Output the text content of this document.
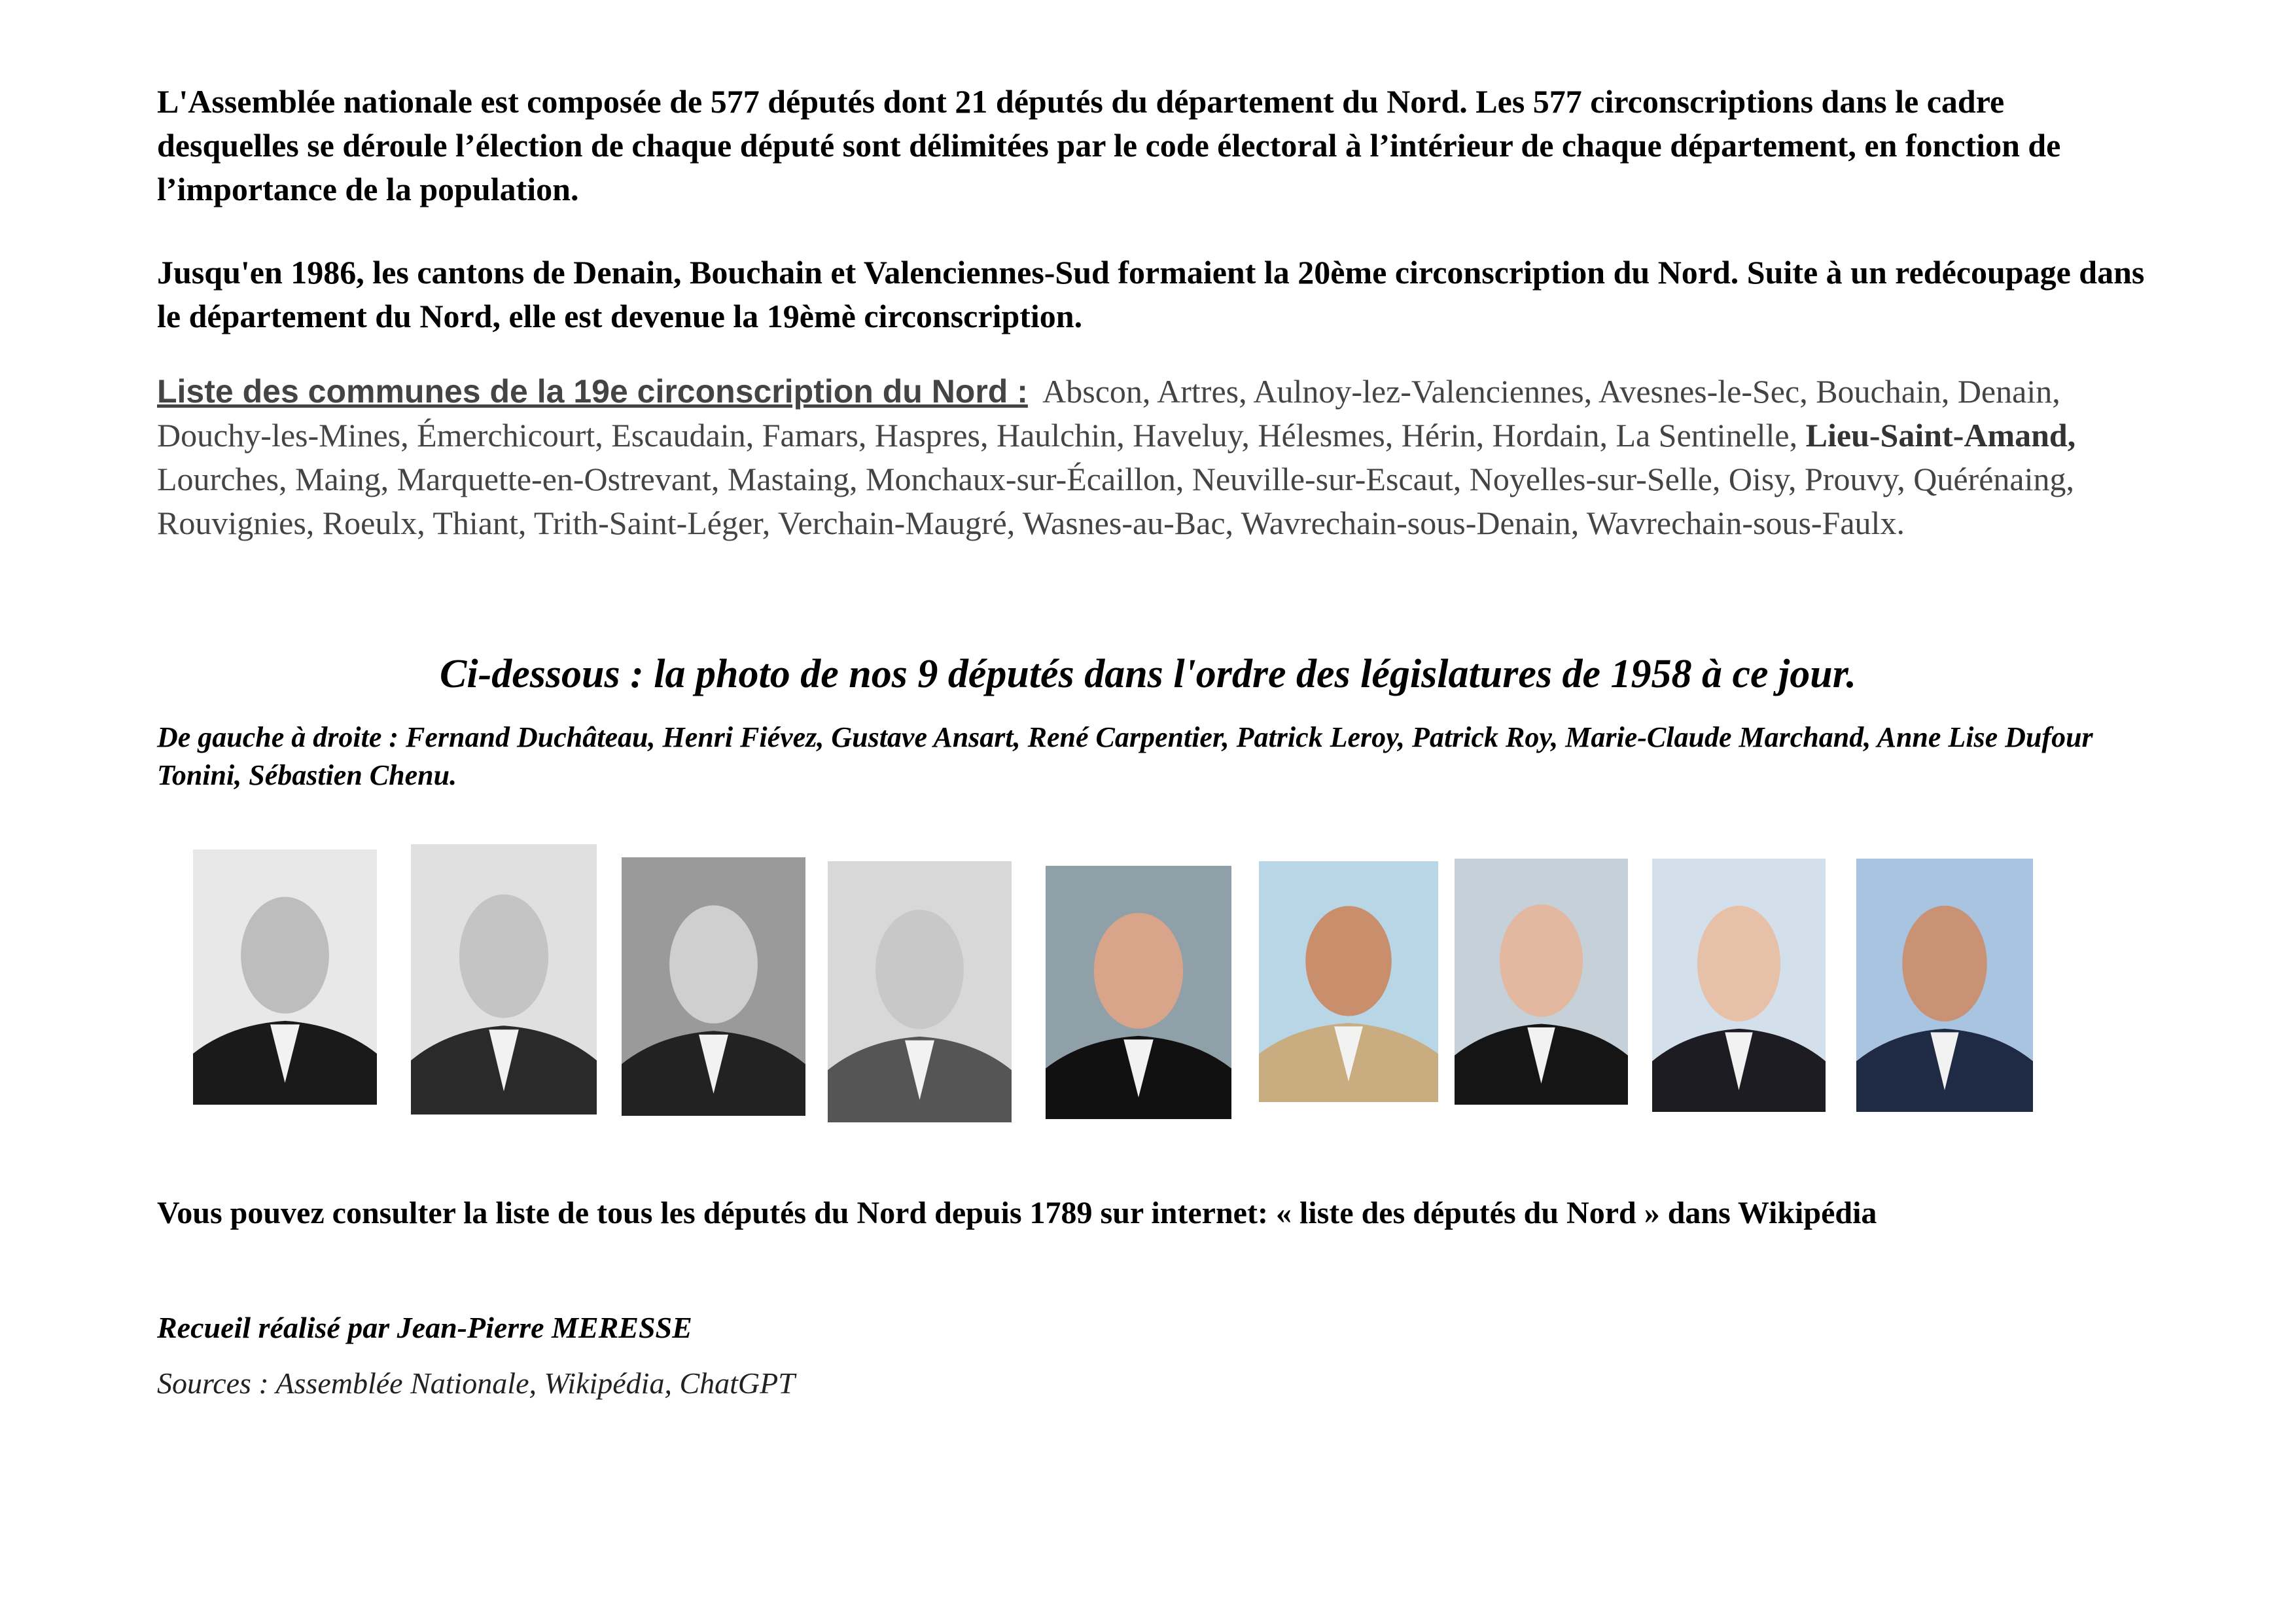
L'Assemblée nationale est composée de 577 députés dont 21 députés du département du Nord. Les 577 circonscriptions dans le cadre desquelles se déroule l’élection de chaque député sont délimitées par le code électoral à l’intérieur de chaque département, en fonction de l’importance de la population.

Jusqu'en 1986, les cantons de Denain, Bouchain et Valenciennes-Sud formaient la 20ème circonscription du Nord. Suite à un redécoupage dans le département du Nord, elle est devenue la 19èmè circonscription.

Liste des communes de la 19e circonscription du Nord : Abscon, Artres, Aulnoy-lez-Valenciennes, Avesnes-le-Sec, Bouchain, Denain, Douchy-les-Mines, Émerchicourt, Escaudain, Famars, Haspres, Haulchin, Haveluy, Hélesmes, Hérin, Hordain, La Sentinelle, Lieu-Saint-Amand, Lourches, Maing, Marquette-en-Ostrevant, Mastaing, Monchaux-sur-Écaillon, Neuville-sur-Escaut, Noyelles-sur-Selle, Oisy, Prouvy, Quérénaing, Rouvignies, Roeulx, Thiant, Trith-Saint-Léger, Verchain-Maugré, Wasnes-au-Bac, Wavrechain-sous-Denain, Wavrechain-sous-Faulx.

Ci-dessous : la photo de nos 9 députés dans l'ordre des législatures de 1958 à ce jour.

De gauche à droite : Fernand Duchâteau, Henri Fiévez, Gustave Ansart, René Carpentier, Patrick Leroy, Patrick Roy, Marie-Claude Marchand, Anne Lise Dufour Tonini, Sébastien Chenu.

Vous pouvez consulter la liste de tous les députés du Nord depuis 1789 sur internet: « liste des députés du Nord » dans Wikipédia

Recueil réalisé par Jean-Pierre MERESSE

Sources : Assemblée Nationale, Wikipédia, ChatGPT
